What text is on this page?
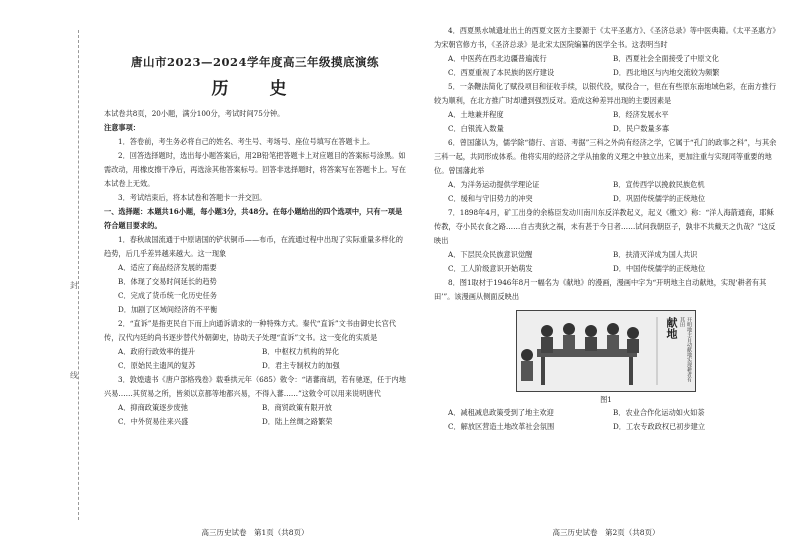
封
线
唐山市2023—2024学年度高三年级摸底演练
历　史

本试卷共8页，20小题，满分100分，考试时间75分钟。

注意事项：

1．答卷前，考生务必将自己的姓名、考生号、考场号、座位号填写在答题卡上。

2．回答选择题时，选出每小题答案后，用2B铅笔把答题卡上对应题目的答案标号涂黑。如需改动，用橡皮擦干净后，再选涂其他答案标号。回答非选择题时，将答案写在答题卡上。写在本试卷上无效。

3．考试结束后，将本试卷和答题卡一并交回。

一、选择题：本题共16小题，每小题3分，共48分。在每小题给出的四个选项中，只有一项是符合题目要求的。

1．春秋战国流通于中原诸国的铲状铜币——布币，在流通过程中出现了实际重量多样化的趋势，后几乎差异越来越大。这一现象

A．适应了商品经济发展的需要
B．体现了交易时间延长的趋势
C．完成了货币统一化历史任务
D．加剧了区域间经济的不平衡

2．“直诉”是指吏民自下而上向通诉请求的一种特殊方式。秦代“直诉”文书由御史长官代传，汉代内廷的尚书逐步替代外朝御史，协助天子处理“直诉”文书。这一变化的实质是

A．政府行政效率的提升	B．中枢权力机构的异化
C．原始民主遗风的复苏	D．君主专制权力的加强

3．敦煌遗书《唐户部格残卷》载垂拱元年（685）敕令：“诸蕃商胡，若有驰逐，任于内地兴易……其贸易之所，皆须以京都等地都兴易，不得入蕃……”这敕令可以用来说明唐代

A．抑商政策逐步废弛	B．商贸政策有限开放
C．中外贸易往来兴盛	D．陆上丝绸之路繁荣
高三历史试卷　第1页（共8页）

4．西夏黑水城遗址出土的西夏文医方主要源于《太平圣惠方》、《圣济总录》等中医典籍。《太平圣惠方》为宋朝官修方书，《圣济总录》是北宋太医院编纂的医学全书。这表明当时

A．中医药在西北边疆普遍流行	B．西夏社会全面接受了中原文化
C．西夏重视了本民族的医疗建设	D．西北地区与内地交流较为频繁

5．一条鞭法简化了赋役项目和征收手续，以银代役，赋役合一，但在有些原东南地域色彩，在南方推行较为顺利，在北方推广时却遭到强烈反对。造成这种差异出现的主要因素是

A．土地兼并程度	B．经济发展水平
C．白银流入数量	D．民户数量多寡

6．曾国藩认为，儒学除“德行、言语、考据”三科之外尚有经济之学，它属于“孔门的政事之科”，与其余三科一起，共同形成体系。他将实用的经济之学从抽象的义理之中独立出来，更加注重与实现同等重要的地位。曾国藩此举

A．为洋务运动提供学理论证	B．宣传西学以挽救民族危机
C．缓和与守旧势力的冲突	D．巩固传统儒学的正统地位

7．1898年4月，矿工出身的余栋臣发动川南川东反洋教起义，起义《檄文》称：“洋人海箭通商，耶稣传教，夺小民衣食之路……自古夷狄之祸，未有甚于今日者……试问我朝臣子，孰非不共戴天之仇哉？”这反映出

A．下层民众民族意识觉醒	B．扶清灭洋成为国人共识
C．工人阶级意识开始萌发	D．中国传统儒学的正统地位

8．图1取材于1946年8月一幅名为《献地》的漫画，漫画中字为“开明地主自动献地，实现‘耕者有其田’”。该漫画从侧面反映出

献地	开明地主自动献地实现耕者有其田
图1
A．减租减息政策受到了地主欢迎	B．农业合作化运动如火如荼
C．解放区营造土地改革社会氛围	D．工农专政政权已初步建立
高三历史试卷　第2页（共8页）
